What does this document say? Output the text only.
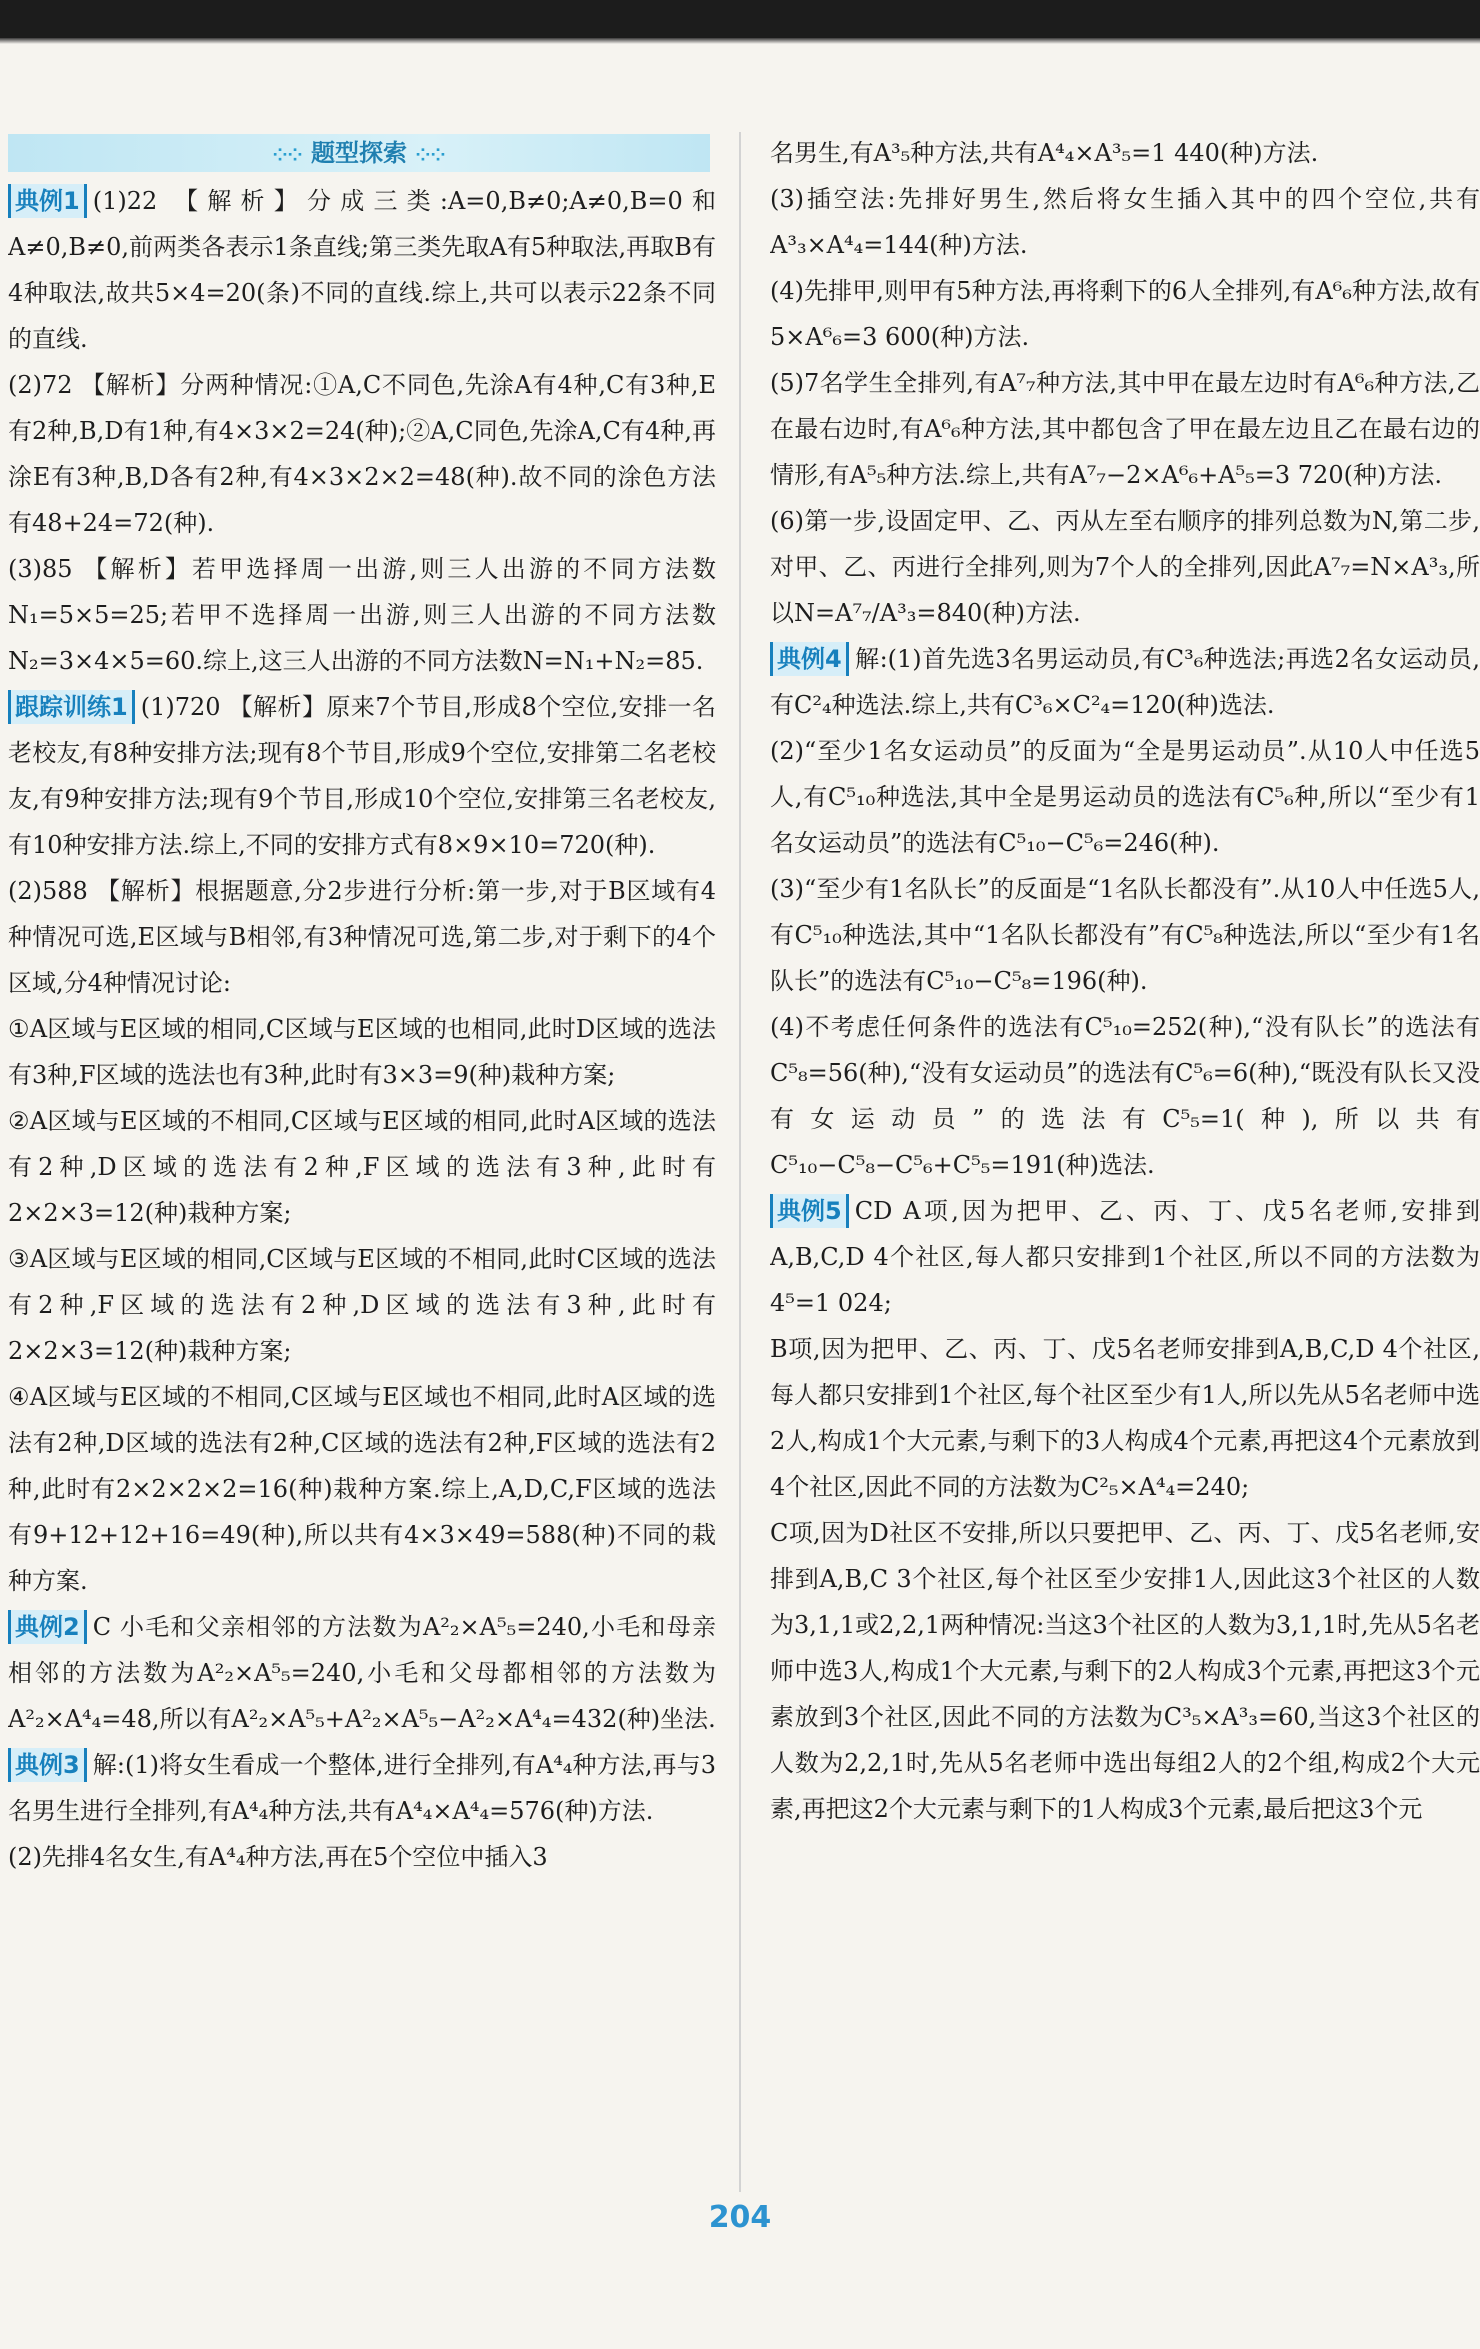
⁘⁘ 题型探索 ⁘⁘

典例1 (1)22 【解析】分成三类:A=0,B≠0;A≠0,B=0和A≠0,B≠0,前两类各表示1条直线;第三类先取A有5种取法,再取B有4种取法,故共5×4=20(条)不同的直线.综上,共可以表示22条不同的直线.

(2)72 【解析】分两种情况:①A,C不同色,先涂A有4种,C有3种,E有2种,B,D有1种,有4×3×2=24(种);②A,C同色,先涂A,C有4种,再涂E有3种,B,D各有2种,有4×3×2×2=48(种).故不同的涂色方法有48+24=72(种).

(3)85 【解析】若甲选择周一出游,则三人出游的不同方法数N₁=5×5=25;若甲不选择周一出游,则三人出游的不同方法数N₂=3×4×5=60.综上,这三人出游的不同方法数N=N₁+N₂=85.

跟踪训练1 (1)720 【解析】原来7个节目,形成8个空位,安排一名老校友,有8种安排方法;现有8个节目,形成9个空位,安排第二名老校友,有9种安排方法;现有9个节目,形成10个空位,安排第三名老校友,有10种安排方法.综上,不同的安排方式有8×9×10=720(种).

(2)588 【解析】根据题意,分2步进行分析:第一步,对于B区域有4种情况可选,E区域与B相邻,有3种情况可选,第二步,对于剩下的4个区域,分4种情况讨论:

①A区域与E区域的相同,C区域与E区域的也相同,此时D区域的选法有3种,F区域的选法也有3种,此时有3×3=9(种)栽种方案;

②A区域与E区域的不相同,C区域与E区域的相同,此时A区域的选法有2种,D区域的选法有2种,F区域的选法有3种,此时有2×2×3=12(种)栽种方案;

③A区域与E区域的相同,C区域与E区域的不相同,此时C区域的选法有2种,F区域的选法有2种,D区域的选法有3种,此时有2×2×3=12(种)栽种方案;

④A区域与E区域的不相同,C区域与E区域也不相同,此时A区域的选法有2种,D区域的选法有2种,C区域的选法有2种,F区域的选法有2种,此时有2×2×2×2=16(种)栽种方案.综上,A,D,C,F区域的选法有9+12+12+16=49(种),所以共有4×3×49=588(种)不同的栽种方案.

典例2 C 小毛和父亲相邻的方法数为A²₂×A⁵₅=240,小毛和母亲相邻的方法数为A²₂×A⁵₅=240,小毛和父母都相邻的方法数为A²₂×A⁴₄=48,所以有A²₂×A⁵₅+A²₂×A⁵₅−A²₂×A⁴₄=432(种)坐法.

典例3 解:(1)将女生看成一个整体,进行全排列,有A⁴₄种方法,再与3名男生进行全排列,有A⁴₄种方法,共有A⁴₄×A⁴₄=576(种)方法.

(2)先排4名女生,有A⁴₄种方法,再在5个空位中插入3

名男生,有A³₅种方法,共有A⁴₄×A³₅=1 440(种)方法.

(3)插空法:先排好男生,然后将女生插入其中的四个空位,共有A³₃×A⁴₄=144(种)方法.

(4)先排甲,则甲有5种方法,再将剩下的6人全排列,有A⁶₆种方法,故有5×A⁶₆=3 600(种)方法.

(5)7名学生全排列,有A⁷₇种方法,其中甲在最左边时有A⁶₆种方法,乙在最右边时,有A⁶₆种方法,其中都包含了甲在最左边且乙在最右边的情形,有A⁵₅种方法.综上,共有A⁷₇−2×A⁶₆+A⁵₅=3 720(种)方法.

(6)第一步,设固定甲、乙、丙从左至右顺序的排列总数为N,第二步,对甲、乙、丙进行全排列,则为7个人的全排列,因此A⁷₇=N×A³₃,所以N=A⁷₇/A³₃=840(种)方法.

典例4 解:(1)首先选3名男运动员,有C³₆种选法;再选2名女运动员,有C²₄种选法.综上,共有C³₆×C²₄=120(种)选法.

(2)“至少1名女运动员”的反面为“全是男运动员”.从10人中任选5人,有C⁵₁₀种选法,其中全是男运动员的选法有C⁵₆种,所以“至少有1名女运动员”的选法有C⁵₁₀−C⁵₆=246(种).

(3)“至少有1名队长”的反面是“1名队长都没有”.从10人中任选5人,有C⁵₁₀种选法,其中“1名队长都没有”有C⁵₈种选法,所以“至少有1名队长”的选法有C⁵₁₀−C⁵₈=196(种).

(4)不考虑任何条件的选法有C⁵₁₀=252(种),“没有队长”的选法有C⁵₈=56(种),“没有女运动员”的选法有C⁵₆=6(种),“既没有队长又没有女运动员”的选法有C⁵₅=1(种),所以共有C⁵₁₀−C⁵₈−C⁵₆+C⁵₅=191(种)选法.

典例5 CD A项,因为把甲、乙、丙、丁、戊5名老师,安排到A,B,C,D 4个社区,每人都只安排到1个社区,所以不同的方法数为4⁵=1 024;

B项,因为把甲、乙、丙、丁、戊5名老师安排到A,B,C,D 4个社区,每人都只安排到1个社区,每个社区至少有1人,所以先从5名老师中选2人,构成1个大元素,与剩下的3人构成4个元素,再把这4个元素放到4个社区,因此不同的方法数为C²₅×A⁴₄=240;

C项,因为D社区不安排,所以只要把甲、乙、丙、丁、戊5名老师,安排到A,B,C 3个社区,每个社区至少安排1人,因此这3个社区的人数为3,1,1或2,2,1两种情况:当这3个社区的人数为3,1,1时,先从5名老师中选3人,构成1个大元素,与剩下的2人构成3个元素,再把这3个元素放到3个社区,因此不同的方法数为C³₅×A³₃=60,当这3个社区的人数为2,2,1时,先从5名老师中选出每组2人的2个组,构成2个大元素,再把这2个大元素与剩下的1人构成3个元素,最后把这3个元

204
